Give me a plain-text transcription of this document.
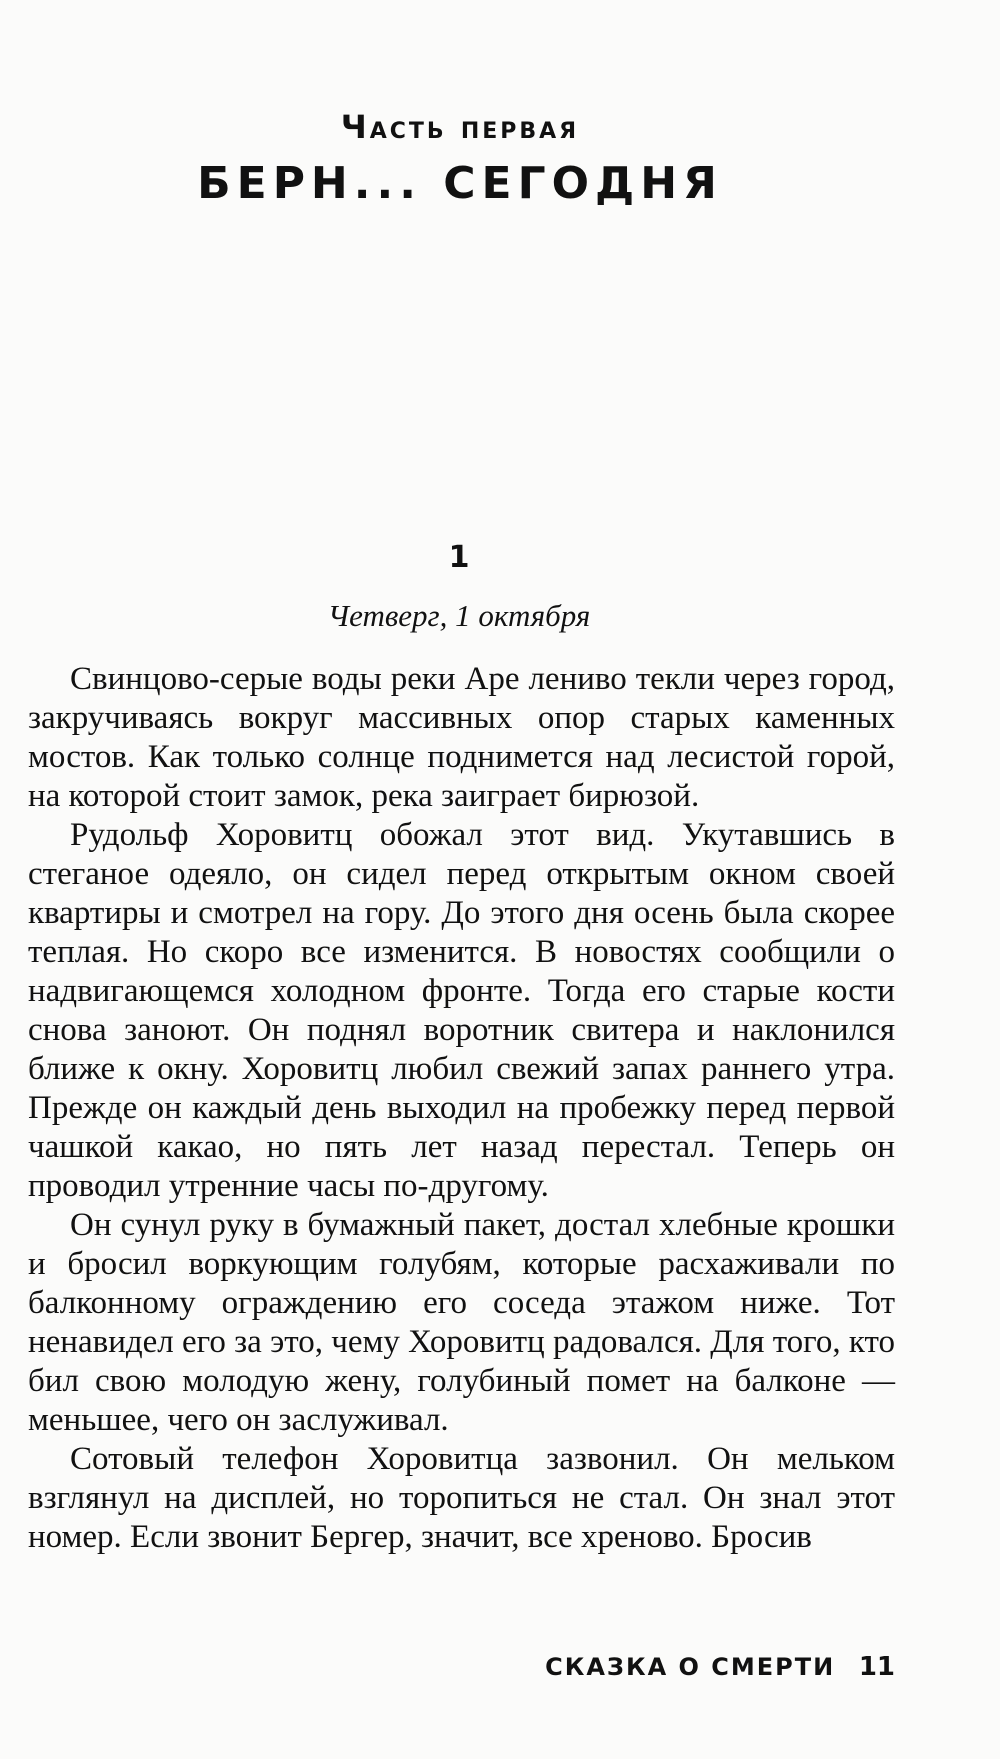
Часть первая
БЕРН... СЕГОДНЯ
1
Четверг, 1 октября

Свинцово-серые воды реки Аре лениво текли через город, закручиваясь вокруг массивных опор старых каменных мостов. Как только солнце поднимется над лесистой горой, на которой стоит замок, река заиграет бирюзой.

Рудольф Хоровитц обожал этот вид. Укутавшись в стеганое одеяло, он сидел перед открытым окном своей квартиры и смотрел на гору. До этого дня осень была скорее теплая. Но скоро все изменится. В новостях сообщили о надвигающемся холодном фронте. Тогда его старые кости снова заноют. Он поднял воротник свитера и наклонился ближе к окну. Хоровитц любил свежий запах раннего утра. Прежде он каждый день выходил на пробежку перед первой чашкой какао, но пять лет назад перестал. Теперь он проводил утренние часы по-другому.

Он сунул руку в бумажный пакет, достал хлебные крошки и бросил воркующим голубям, которые расхаживали по балконному ограждению его соседа этажом ниже. Тот ненавидел его за это, чему Хоровитц радовался. Для того, кто бил свою молодую жену, голубиный помет на балконе — меньшее, чего он заслуживал.

Сотовый телефон Хоровитца зазвонил. Он мельком взглянул на дисплей, но торопиться не стал. Он знал этот номер. Если звонит Бергер, значит, все хреново. Бросив

СКАЗКА О СМЕРТИ 11
